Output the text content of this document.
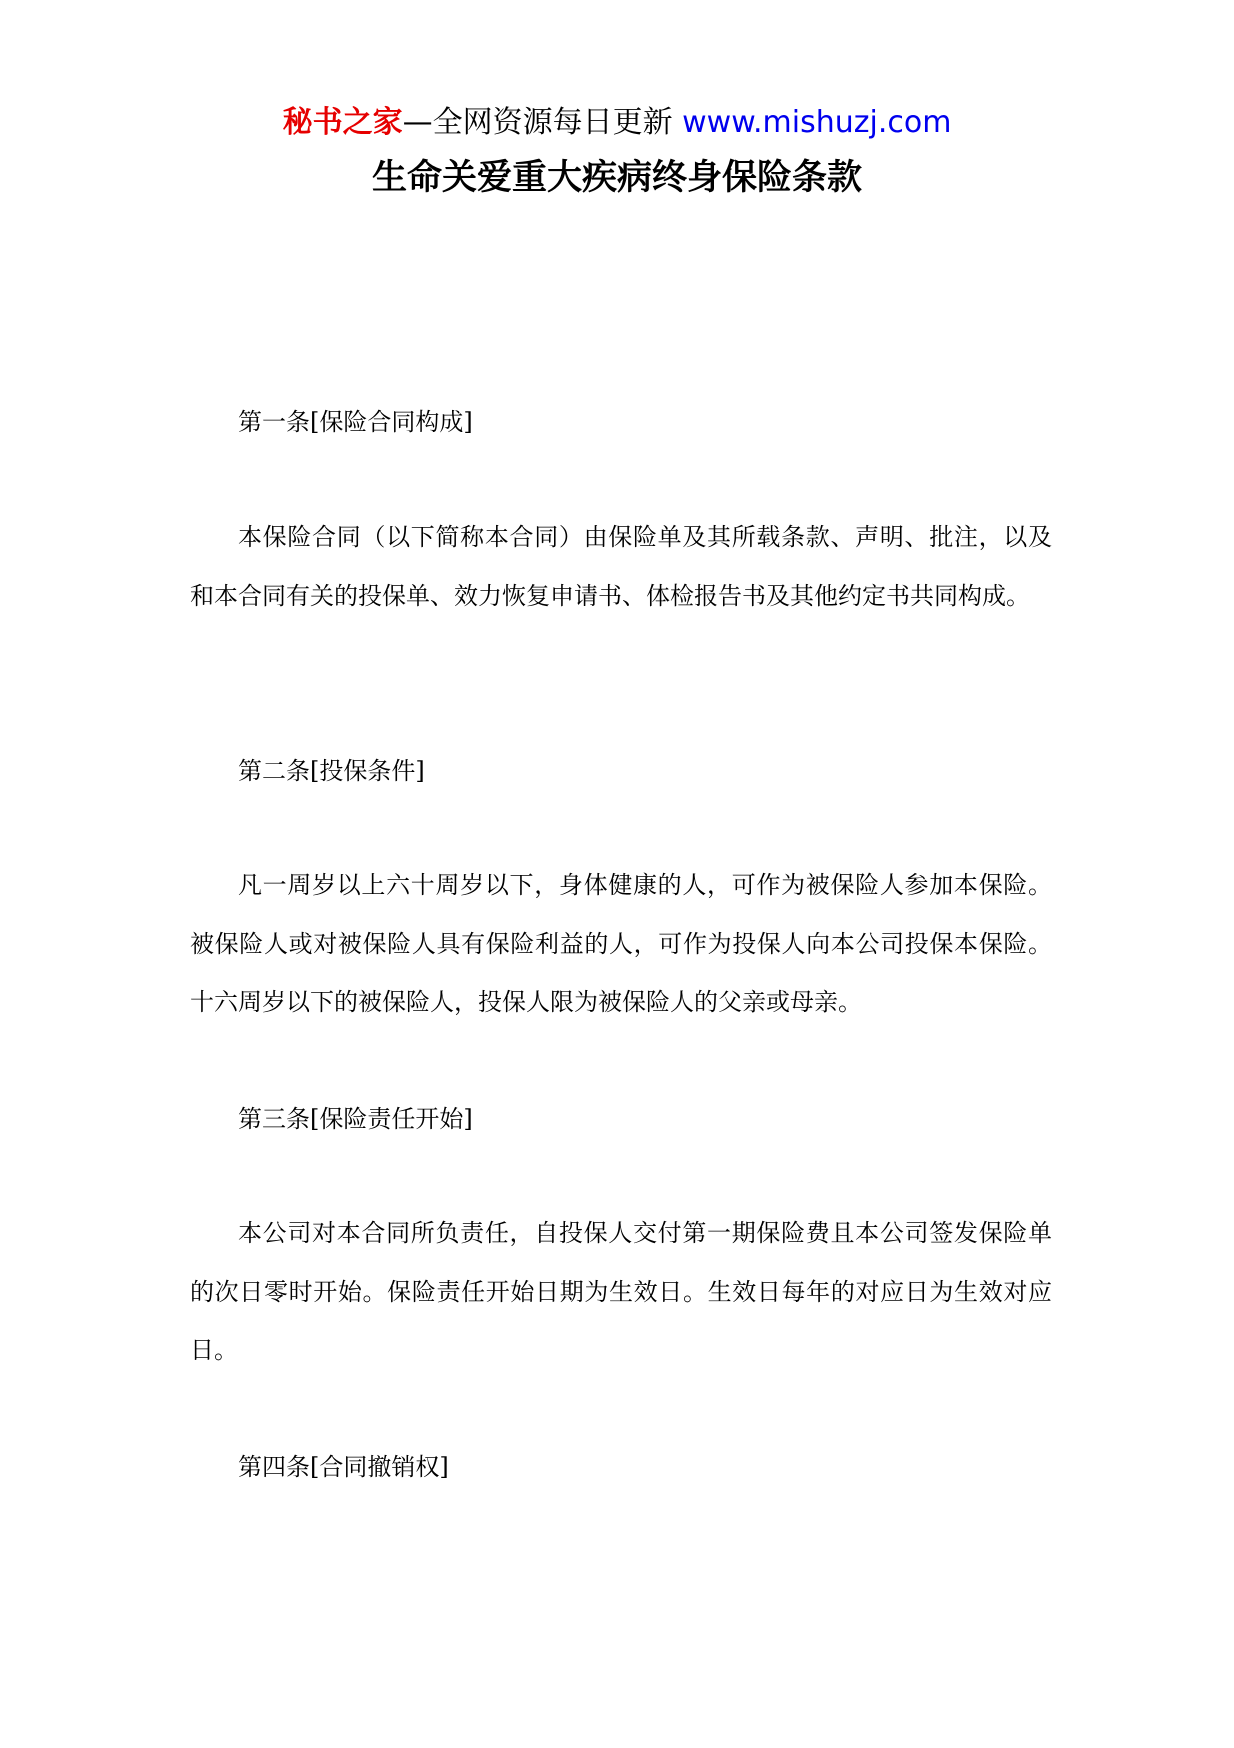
秘书之家—全网资源每日更新 www.mishuzj.com
生命关爱重大疾病终身保险条款
第一条[保险合同构成]
本保险合同（以下简称本合同）由保险单及其所载条款、声明、批注，以及和本合同有关的投保单、效力恢复申请书、体检报告书及其他约定书共同构成。
第二条[投保条件]
凡一周岁以上六十周岁以下，身体健康的人，可作为被保险人参加本保险。被保险人或对被保险人具有保险利益的人，可作为投保人向本公司投保本保险。十六周岁以下的被保险人，投保人限为被保险人的父亲或母亲。
第三条[保险责任开始]
本公司对本合同所负责任，自投保人交付第一期保险费且本公司签发保险单的次日零时开始。保险责任开始日期为生效日。生效日每年的对应日为生效对应日。
第四条[合同撤销权]
